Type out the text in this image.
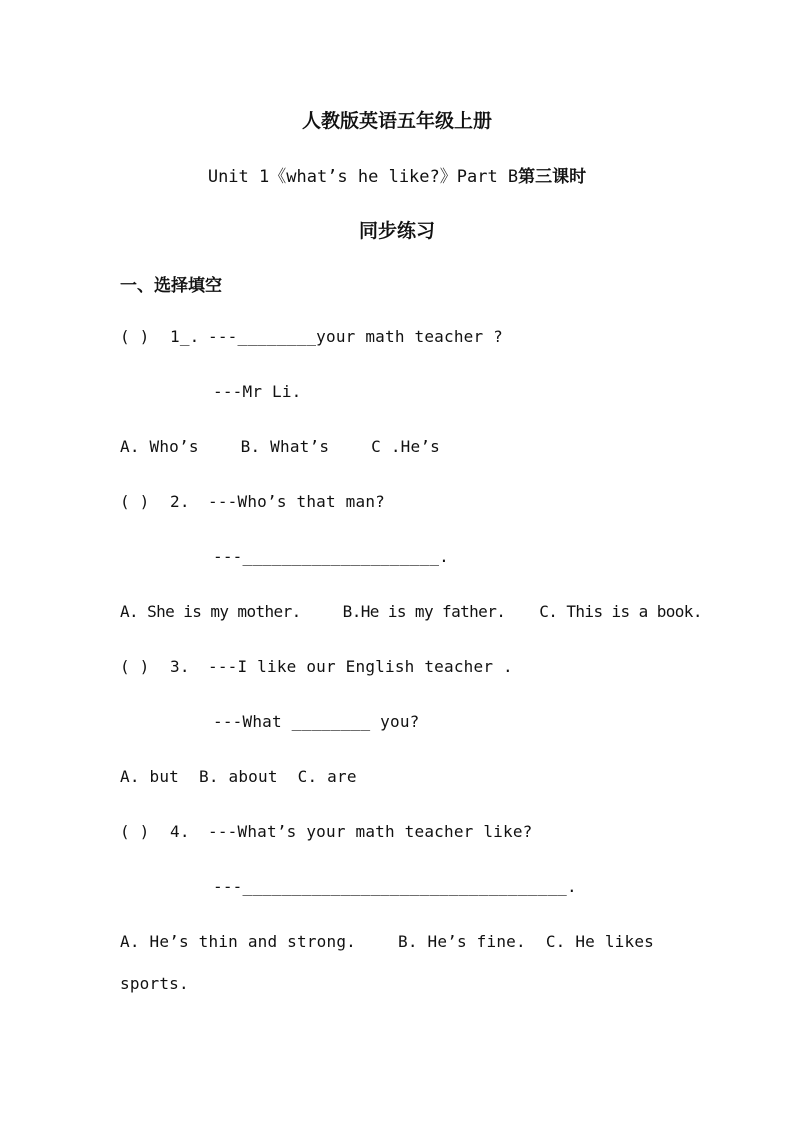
人教版英语五年级上册
Unit 1《what’s he like?》Part B第三课时
同步练习
一、选择填空
( ) 1_. ---________your math teacher ?
---Mr Li.
A. Who’s	B. What’s	C .He’s
( ) 2. ---Who’s that man?
---____________________.
A. She is my mother.	B.He is my father. C. This is a book.
( ) 3. ---I like our English teacher .
---What ________ you?
A. but B. about C. are
( ) 4. ---What’s your math teacher like?
---_________________________________.
A. He’s thin and strong.	B. He’s fine. C. He likes
sports.
